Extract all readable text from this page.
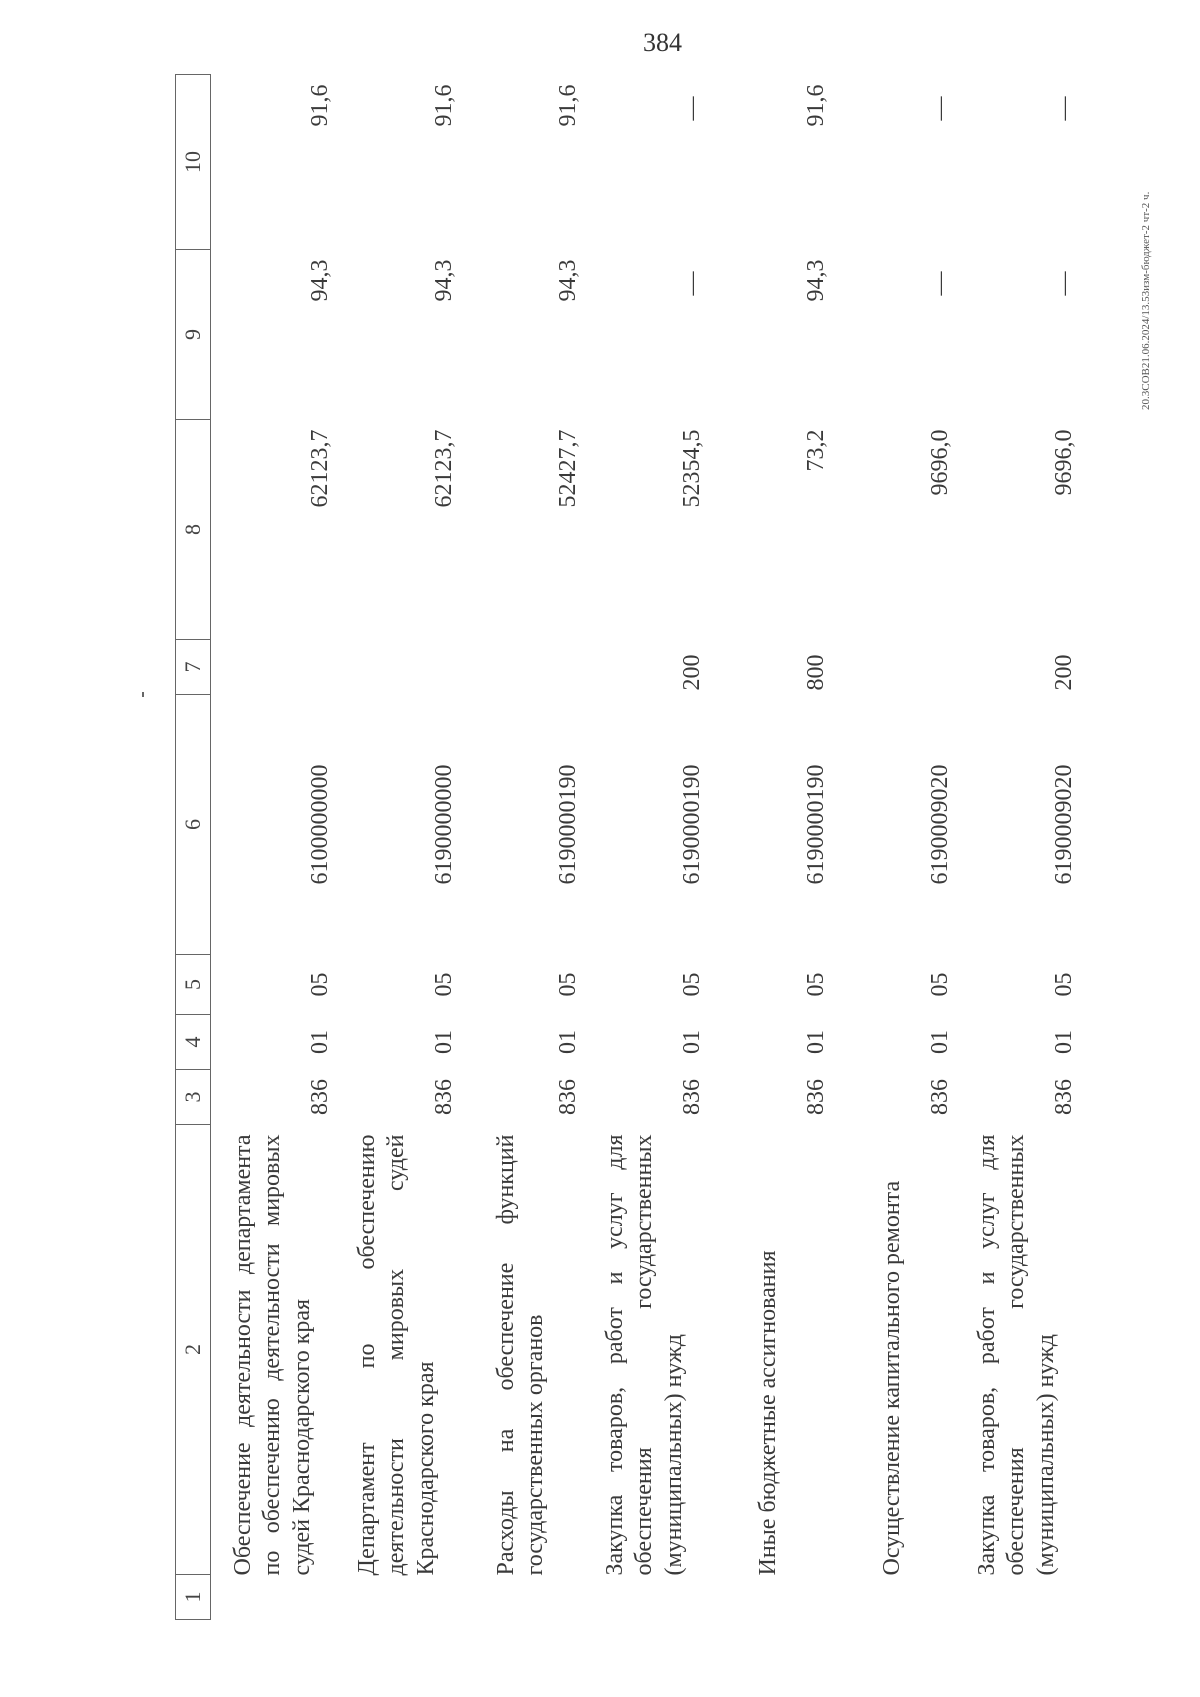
384
20.3СОВ21.06.2024/13.53изм-бюджет-2 чт-2 ч.
1	2	3	4	5	6	7	8	9	10
Обеспечение деятельности департамента по обеспечению деятельности мировых судей Краснодарского края		836	01	05	6100000000		62123,7	94,3	91,6
Департамент по обеспечению деятельности мировых судей Краснодарского края		836	01	05	6190000000		62123,7	94,3	91,6
Расходы на обеспечение функций государственных органов		836	01	05	6190000190		52427,7	94,3	91,6
Закупка товаров, работ и услуг для обеспечения государственных (муниципальных) нужд		836	01	05	6190000190	200	52354,5	—	—
Иные бюджетные ассигнования		836	01	05	6190000190	800	73,2	94,3	91,6
Осуществление капитального ремонта		836	01	05	6190009020		9696,0	—	—
Закупка товаров, работ и услуг для обеспечения государственных (муниципальных) нужд		836	01	05	6190009020	200	9696,0	—	—
